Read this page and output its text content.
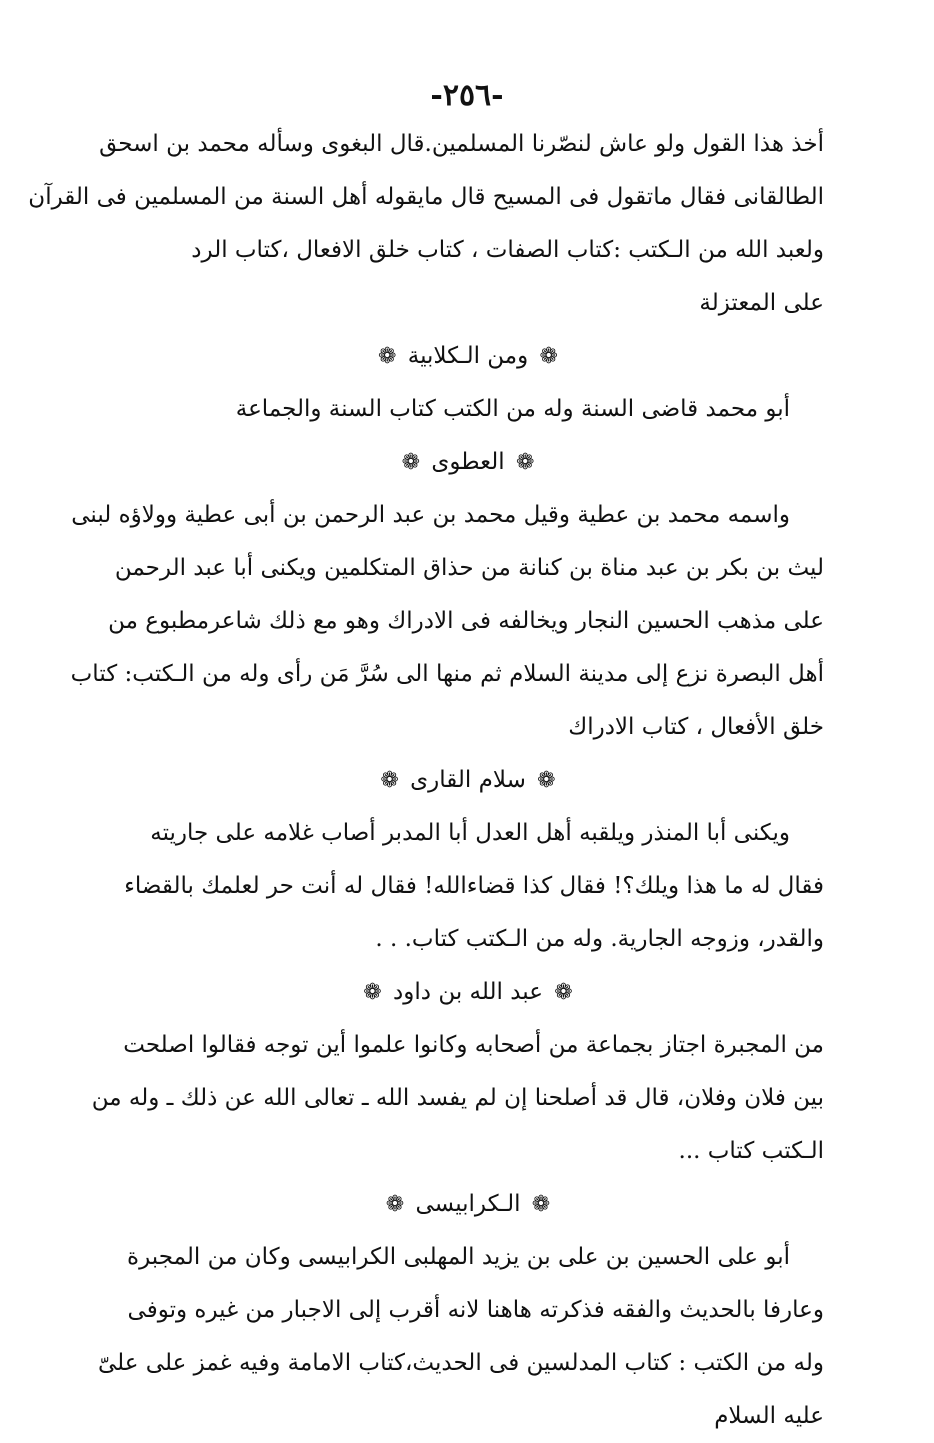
-٢٥٦-
أخذ هذا القول ولو عاش لنصّرنا المسلمين.قال البغوى وسأله محمد بن اسحق
الطالقانى فقال ماتقول فى المسيح قال مايقوله أهل السنة من المسلمين فى القرآن
ولعبد الله من الـكتب :كتاب الصفات ، كتاب خلق الافعال ،كتاب الرد
على المعتزلة
❁ ومن الـكلابية ❁
أبو محمد قاضى السنة وله من الكتب كتاب السنة والجماعة
❁ العطوى ❁
واسمه محمد بن عطية وقيل محمد بن عبد الرحمن بن أبى عطية وولاؤه لبنى
ليث بن بكر بن عبد مناة بن كنانة من حذاق المتكلمين ويكنى أبا عبد الرحمن
على مذهب الحسين النجار ويخالفه فى الادراك وهو مع ذلك شاعرمطبوع من
أهل البصرة نزع إلى مدينة السلام ثم منها الى سُرَّ مَن رأى وله من الـكتب: كتاب
خلق الأفعال ، كتاب الادراك
❁ سلام القارى ❁
ويكنى أبا المنذر ويلقبه أهل العدل أبا المدبر أصاب غلامه على جاريته
فقال له ما هذا ويلك؟! فقال كذا قضاءالله! فقال له أنت حر لعلمك بالقضاء
والقدر، وزوجه الجارية. وله من الـكتب كتاب. . .
❁ عبد الله بن داود ❁
من المجبرة اجتاز بجماعة من أصحابه وكانوا علموا أين توجه فقالوا اصلحت
بين فلان وفلان، قال قد أصلحنا إن لم يفسد الله ـ تعالى الله عن ذلك ـ وله من
الـكتب كتاب ...
❁ الـكرابيسى ❁
أبو على الحسين بن على بن يزيد المهلبى الكرابيسى وكان من المجبرة
وعارفا بالحديث والفقه فذكرته هاهنا لانه أقرب إلى الاجبار من غيره وتوفى
وله من الكتب : كتاب المدلسين فى الحديث،كتاب الامامة وفيه غمز على علىّ
عليه السلام
